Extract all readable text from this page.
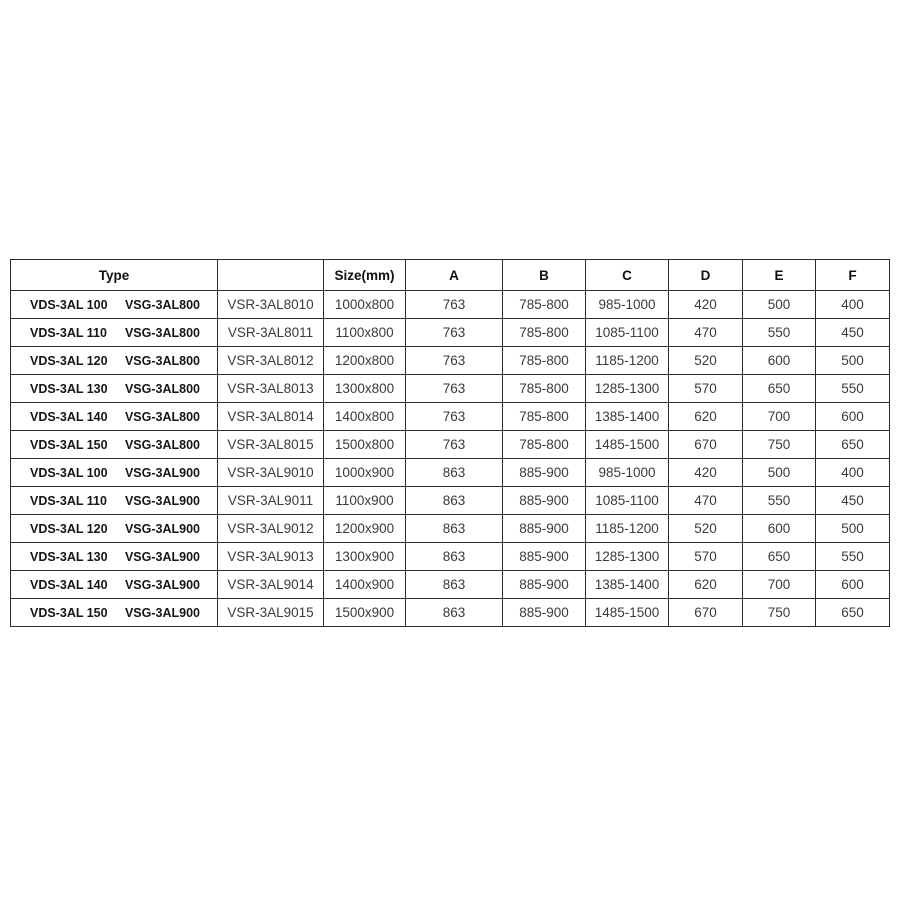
Type		Size(mm)	A	B	C	D	E	F

VDS-3AL 100 VSG-3AL800	VSR-3AL8010	1000x800	763	785-800	985-1000	420	500	400

VDS-3AL 110 VSG-3AL800	VSR-3AL8011	1100x800	763	785-800	1085-1100	470	550	450

VDS-3AL 120 VSG-3AL800	VSR-3AL8012	1200x800	763	785-800	1185-1200	520	600	500

VDS-3AL 130 VSG-3AL800	VSR-3AL8013	1300x800	763	785-800	1285-1300	570	650	550

VDS-3AL 140 VSG-3AL800	VSR-3AL8014	1400x800	763	785-800	1385-1400	620	700	600

VDS-3AL 150 VSG-3AL800	VSR-3AL8015	1500x800	763	785-800	1485-1500	670	750	650

VDS-3AL 100 VSG-3AL900	VSR-3AL9010	1000x900	863	885-900	985-1000	420	500	400

VDS-3AL 110 VSG-3AL900	VSR-3AL9011	1100x900	863	885-900	1085-1100	470	550	450

VDS-3AL 120 VSG-3AL900	VSR-3AL9012	1200x900	863	885-900	1185-1200	520	600	500

VDS-3AL 130 VSG-3AL900	VSR-3AL9013	1300x900	863	885-900	1285-1300	570	650	550

VDS-3AL 140 VSG-3AL900	VSR-3AL9014	1400x900	863	885-900	1385-1400	620	700	600

VDS-3AL 150 VSG-3AL900	VSR-3AL9015	1500x900	863	885-900	1485-1500	670	750	650
